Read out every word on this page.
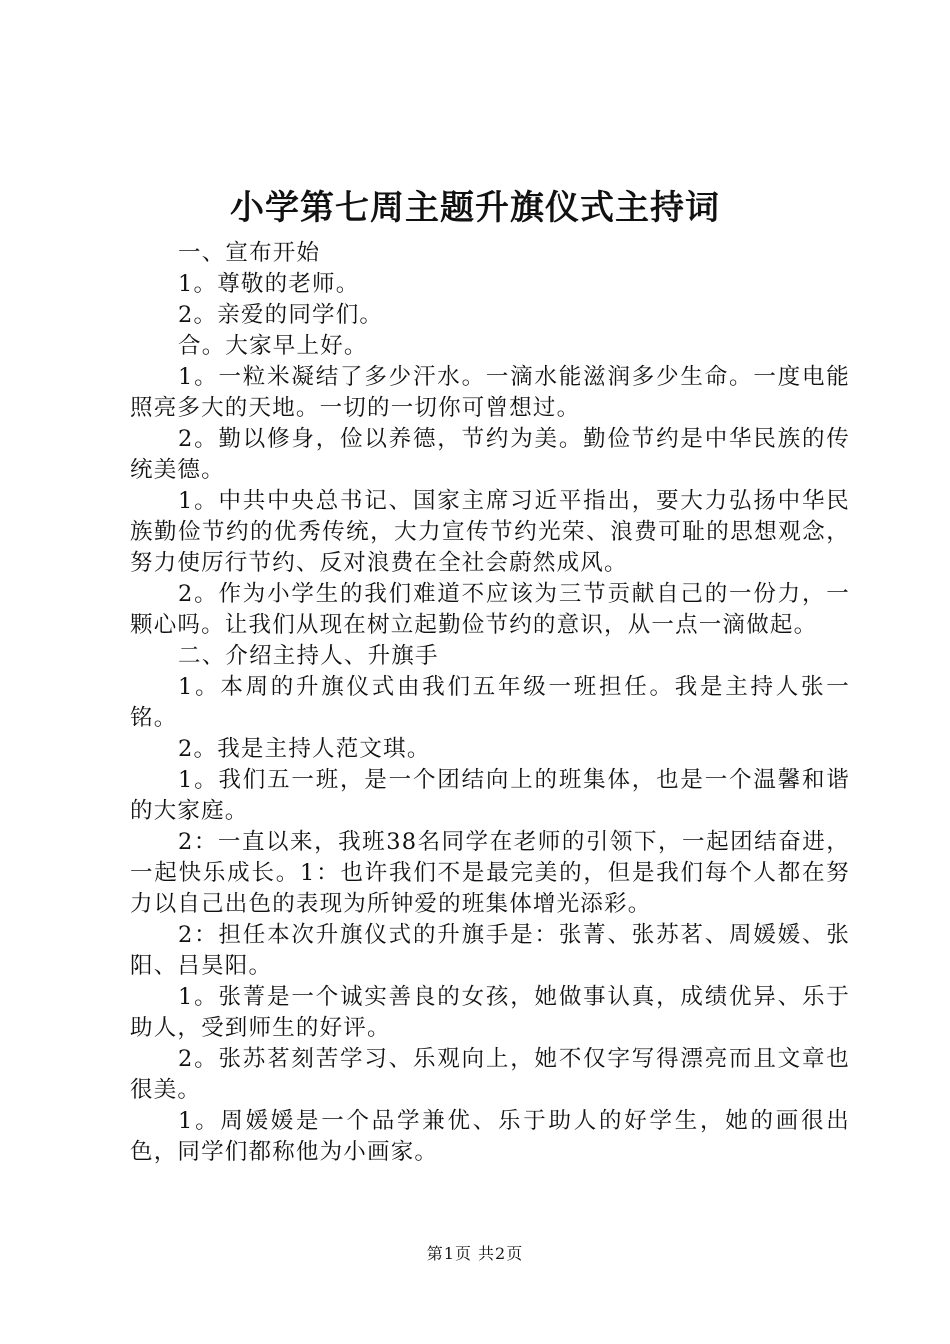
小学第七周主题升旗仪式主持词

一、宣布开始

1。尊敬的老师。

2。亲爱的同学们。

合。大家早上好。

1。一粒米凝结了多少汗水。一滴水能滋润多少生命。一度电能照亮多大的天地。一切的一切你可曾想过。

2。勤以修身，俭以养德，节约为美。勤俭节约是中华民族的传统美德。

1。中共中央总书记、国家主席习近平指出，要大力弘扬中华民族勤俭节约的优秀传统，大力宣传节约光荣、浪费可耻的思想观念，努力使厉行节约、反对浪费在全社会蔚然成风。

2。作为小学生的我们难道不应该为三节贡献自己的一份力，一颗心吗。让我们从现在树立起勤俭节约的意识，从一点一滴做起。

二、介绍主持人、升旗手

1。本周的升旗仪式由我们五年级一班担任。我是主持人张一铭。

2。我是主持人范文琪。

1。我们五一班，是一个团结向上的班集体，也是一个温馨和谐的大家庭。

2：一直以来，我班38名同学在老师的引领下，一起团结奋进，一起快乐成长。1：也许我们不是最完美的，但是我们每个人都在努力以自己出色的表现为所钟爱的班集体增光添彩。

2：担任本次升旗仪式的升旗手是：张菁、张苏茗、周媛媛、张阳、吕昊阳。

1。张菁是一个诚实善良的女孩，她做事认真，成绩优异、乐于助人，受到师生的好评。

2。张苏茗刻苦学习、乐观向上，她不仅字写得漂亮而且文章也很美。

1。周媛媛是一个品学兼优、乐于助人的好学生，她的画很出色，同学们都称他为小画家。

第1页 共2页
